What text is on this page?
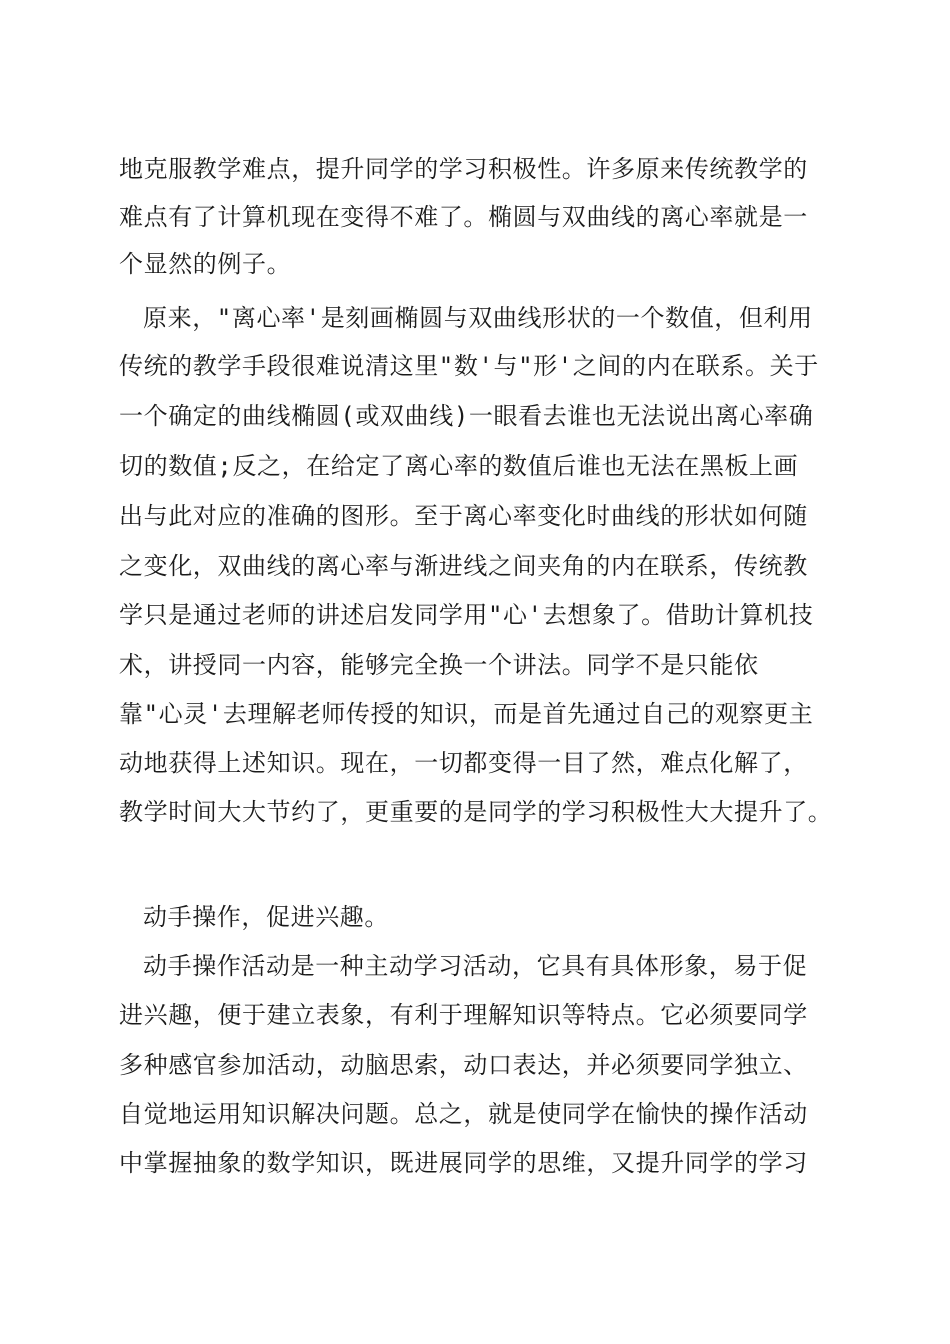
地克服教学难点，提升同学的学习积极性。许多原来传统教学的
难点有了计算机现在变得不难了。椭圆与双曲线的离心率就是一
个显然的例子。
原来，"离心率'是刻画椭圆与双曲线形状的一个数值，但利用
传统的教学手段很难说清这里"数'与"形'之间的内在联系。关于
一个确定的曲线椭圆(或双曲线)一眼看去谁也无法说出离心率确
切的数值;反之，在给定了离心率的数值后谁也无法在黑板上画
出与此对应的准确的图形。至于离心率变化时曲线的形状如何随
之变化，双曲线的离心率与渐进线之间夹角的内在联系，传统教
学只是通过老师的讲述启发同学用"心'去想象了。借助计算机技
术，讲授同一内容，能够完全换一个讲法。同学不是只能依
靠"心灵'去理解老师传授的知识，而是首先通过自己的观察更主
动地获得上述知识。现在，一切都变得一目了然，难点化解了，
教学时间大大节约了，更重要的是同学的学习积极性大大提升了。
动手操作，促进兴趣。
动手操作活动是一种主动学习活动，它具有具体形象，易于促
进兴趣，便于建立表象，有利于理解知识等特点。它必须要同学
多种感官参加活动，动脑思索，动口表达，并必须要同学独立、
自觉地运用知识解决问题。总之，就是使同学在愉快的操作活动
中掌握抽象的数学知识，既进展同学的思维，又提升同学的学习
